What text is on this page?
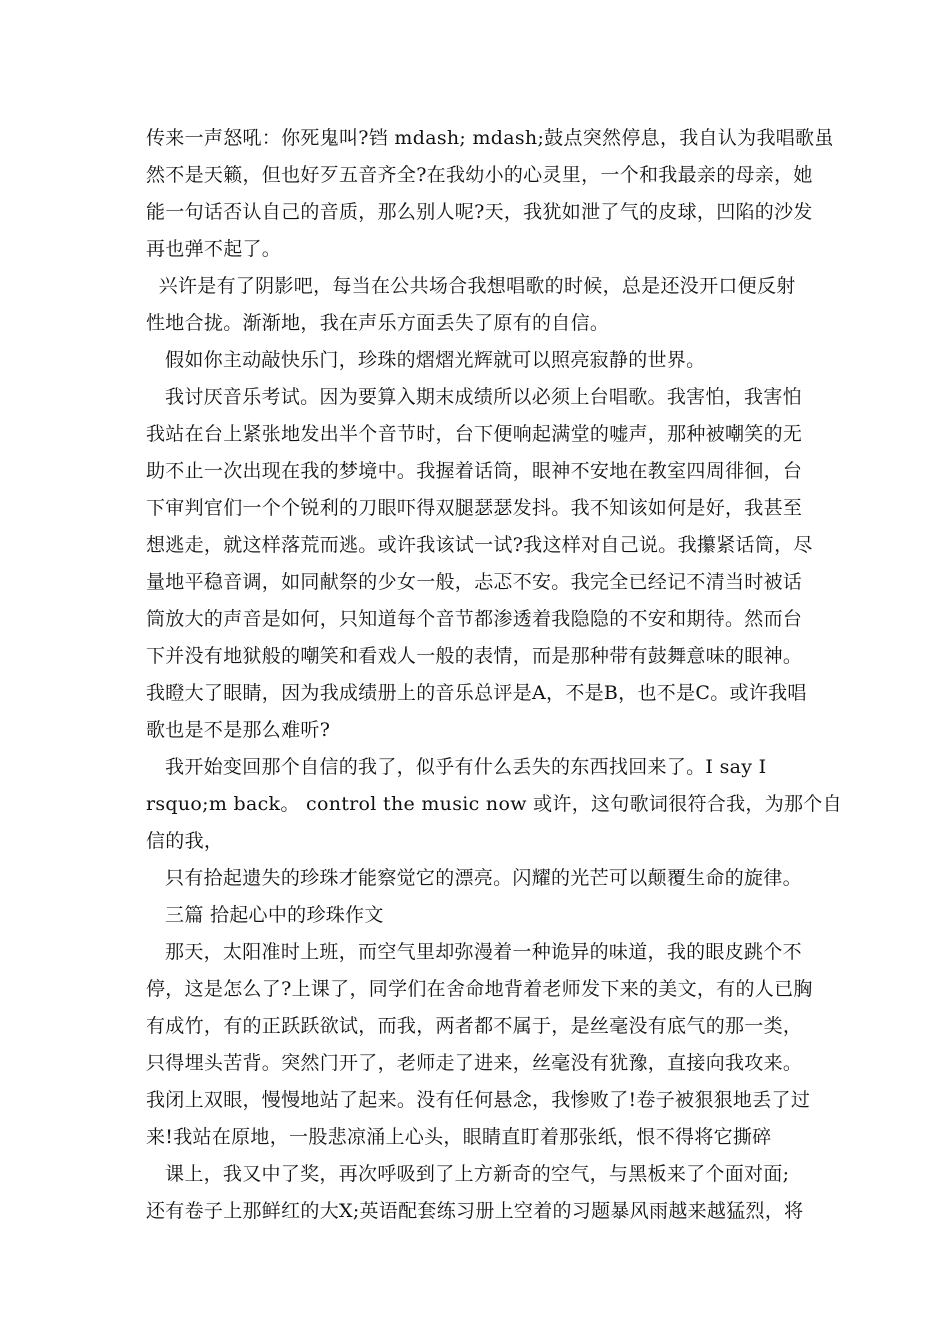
传来一声怒吼：你死鬼叫?铛 mdash; mdash;鼓点突然停息，我自认为我唱歌虽

然不是天籁，但也好歹五音齐全?在我幼小的心灵里，一个和我最亲的母亲，她

能一句话否认自己的音质，那么别人呢?天，我犹如泄了气的皮球，凹陷的沙发

再也弹不起了。

兴许是有了阴影吧，每当在公共场合我想唱歌的时候，总是还没开口便反射

性地合拢。渐渐地，我在声乐方面丢失了原有的自信。

假如你主动敲快乐门，珍珠的熠熠光辉就可以照亮寂静的世界。

我讨厌音乐考试。因为要算入期末成绩所以必须上台唱歌。我害怕，我害怕

我站在台上紧张地发出半个音节时，台下便响起满堂的嘘声，那种被嘲笑的无

助不止一次出现在我的梦境中。我握着话筒，眼神不安地在教室四周徘徊，台

下审判官们一个个锐利的刀眼吓得双腿瑟瑟发抖。我不知该如何是好，我甚至

想逃走，就这样落荒而逃。或许我该试一试?我这样对自己说。我攥紧话筒，尽

量地平稳音调，如同献祭的少女一般，忐忑不安。我完全已经记不清当时被话

筒放大的声音是如何，只知道每个音节都渗透着我隐隐的不安和期待。然而台

下并没有地狱般的嘲笑和看戏人一般的表情，而是那种带有鼓舞意味的眼神。

我瞪大了眼睛，因为我成绩册上的音乐总评是A，不是B，也不是C。或许我唱

歌也是不是那么难听?

我开始变回那个自信的我了，似乎有什么丢失的东西找回来了。I say I

rsquo;m back。 control the music now 或许，这句歌词很符合我，为那个自

信的我，

只有拾起遗失的珍珠才能察觉它的漂亮。闪耀的光芒可以颠覆生命的旋律。

三篇 拾起心中的珍珠作文

那天，太阳准时上班，而空气里却弥漫着一种诡异的味道，我的眼皮跳个不

停，这是怎么了?上课了，同学们在舍命地背着老师发下来的美文，有的人已胸

有成竹，有的正跃跃欲试，而我，两者都不属于，是丝毫没有底气的那一类，

只得埋头苦背。突然门开了，老师走了进来，丝毫没有犹豫，直接向我攻来。

我闭上双眼，慢慢地站了起来。没有任何悬念，我惨败了!卷子被狠狠地丢了过

来!我站在原地，一股悲凉涌上心头，眼睛直盯着那张纸，恨不得将它撕碎

课上，我又中了奖，再次呼吸到了上方新奇的空气，与黑板来了个面对面;

还有卷子上那鲜红的大X;英语配套练习册上空着的习题暴风雨越来越猛烈，将
